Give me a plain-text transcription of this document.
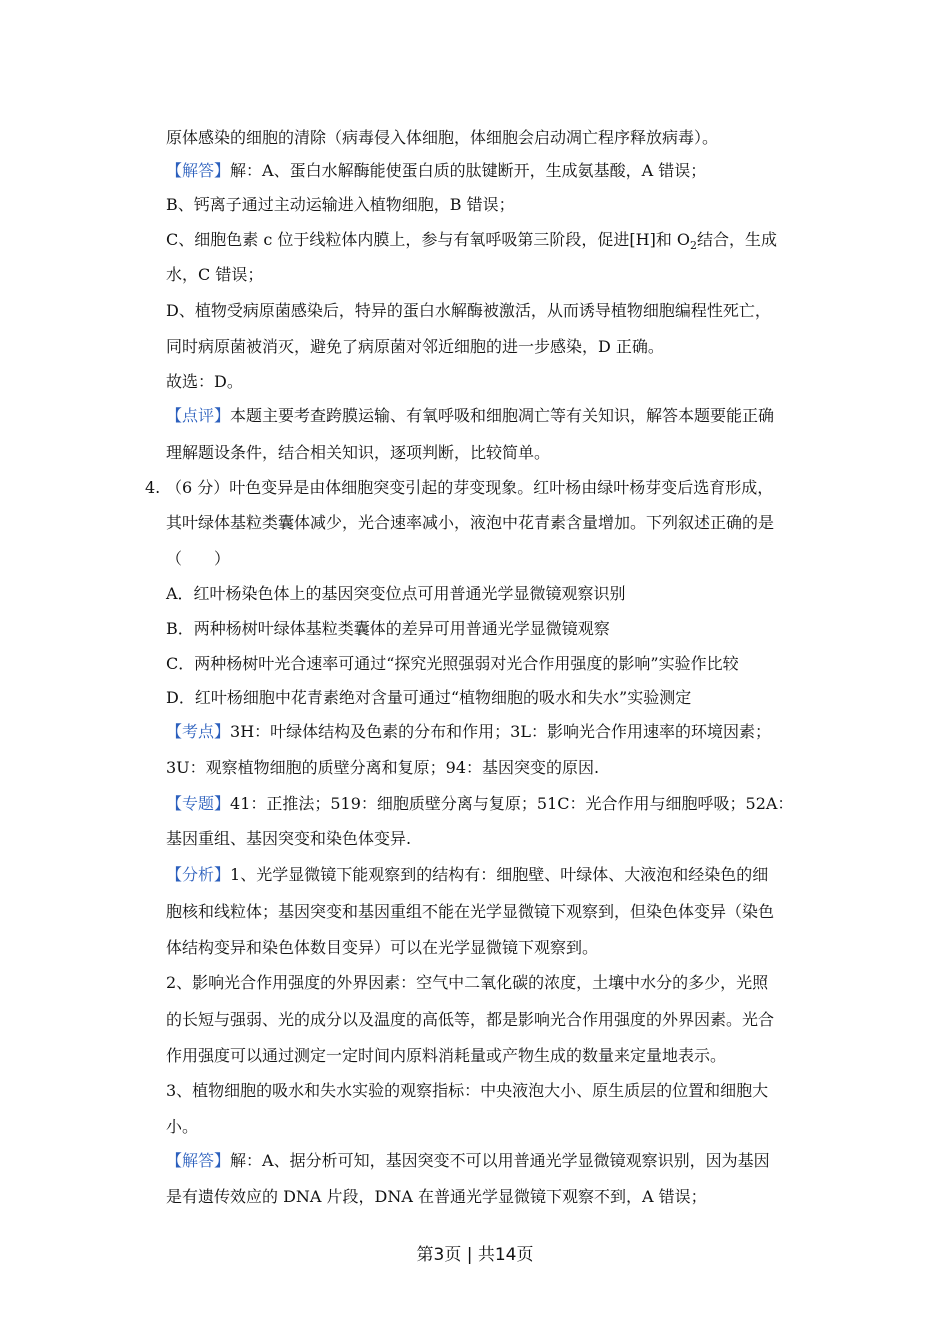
原体感染的细胞的清除（病毒侵入体细胞，体细胞会启动凋亡程序释放病毒）。
【解答】解：A、蛋白水解酶能使蛋白质的肽键断开，生成氨基酸，A 错误；
B、钙离子通过主动运输进入植物细胞，B 错误；
C、细胞色素 c 位于线粒体内膜上，参与有氧呼吸第三阶段，促进[H]和 $O_2$结合，生成
水，C 错误；
D、植物受病原菌感染后，特异的蛋白水解酶被激活，从而诱导植物细胞编程性死亡，
同时病原菌被消灭，避免了病原菌对邻近细胞的进一步感染，D 正确。
故选：D。
【点评】本题主要考查跨膜运输、有氧呼吸和细胞凋亡等有关知识，解答本题要能正确
理解题设条件，结合相关知识，逐项判断，比较简单。
4. （6 分）叶色变异是由体细胞突变引起的芽变现象。红叶杨由绿叶杨芽变后选育形成，
其叶绿体基粒类囊体减少，光合速率减小，液泡中花青素含量增加。下列叙述正确的是
（　　）
A．红叶杨染色体上的基因突变位点可用普通光学显微镜观察识别
B．两种杨树叶绿体基粒类囊体的差异可用普通光学显微镜观察
C．两种杨树叶光合速率可通过“探究光照强弱对光合作用强度的影响”实验作比较
D．红叶杨细胞中花青素绝对含量可通过“植物细胞的吸水和失水”实验测定
【考点】3H：叶绿体结构及色素的分布和作用；3L：影响光合作用速率的环境因素；
3U：观察植物细胞的质壁分离和复原；94：基因突变的原因.
【专题】41：正推法；519：细胞质壁分离与复原；51C：光合作用与细胞呼吸；52A：
基因重组、基因突变和染色体变异.
【分析】1、光学显微镜下能观察到的结构有：细胞壁、叶绿体、大液泡和经染色的细
胞核和线粒体；基因突变和基因重组不能在光学显微镜下观察到，但染色体变异（染色
体结构变异和染色体数目变异）可以在光学显微镜下观察到。
2、影响光合作用强度的外界因素：空气中二氧化碳的浓度，土壤中水分的多少，光照
的长短与强弱、光的成分以及温度的高低等，都是影响光合作用强度的外界因素。光合
作用强度可以通过测定一定时间内原料消耗量或产物生成的数量来定量地表示。
3、植物细胞的吸水和失水实验的观察指标：中央液泡大小、原生质层的位置和细胞大
小。
【解答】解：A、据分析可知，基因突变不可以用普通光学显微镜观察识别，因为基因
是有遗传效应的 DNA 片段，DNA 在普通光学显微镜下观察不到，A 错误；
第3页 | 共14页
